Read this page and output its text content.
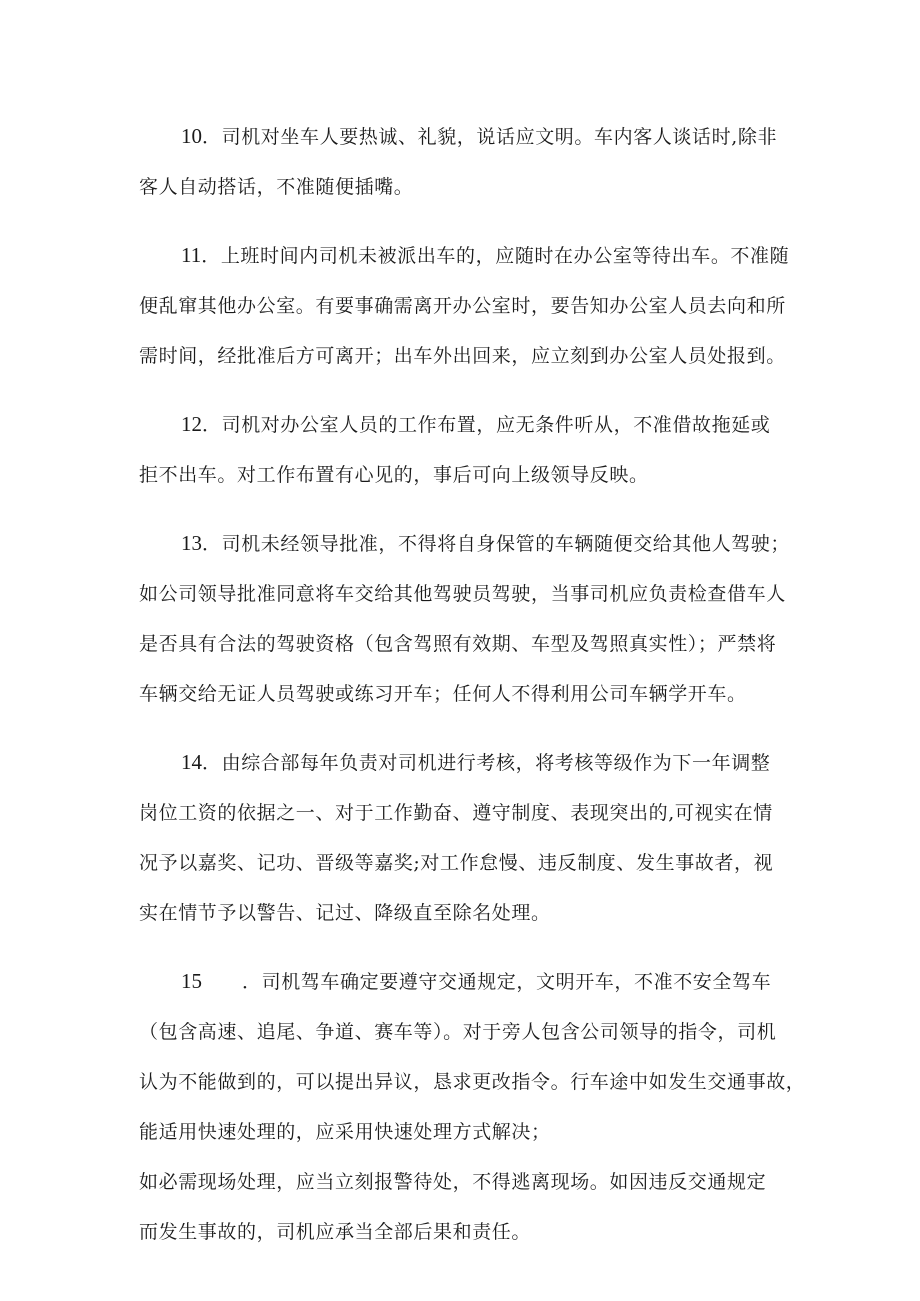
10．司机对坐车人要热诚、礼貌，说话应文明。车内客人谈话时,除非
客人自动搭话，不准随便插嘴。
11．上班时间内司机未被派出车的，应随时在办公室等待出车。不准随
便乱窜其他办公室。有要事确需离开办公室时，要告知办公室人员去向和所
需时间，经批准后方可离开；出车外出回来，应立刻到办公室人员处报到。
12．司机对办公室人员的工作布置，应无条件听从，不准借故拖延或
拒不出车。对工作布置有心见的，事后可向上级领导反映。
13．司机未经领导批准，不得将自身保管的车辆随便交给其他人驾驶；
如公司领导批准同意将车交给其他驾驶员驾驶，当事司机应负责检查借车人
是否具有合法的驾驶资格（包含驾照有效期、车型及驾照真实性）；严禁将
车辆交给无证人员驾驶或练习开车；任何人不得利用公司车辆学开车。
14．由综合部每年负责对司机进行考核，将考核等级作为下一年调整
岗位工资的依据之一、对于工作勤奋、遵守制度、表现突出的,可视实在情
况予以嘉奖、记功、晋级等嘉奖;对工作怠慢、违反制度、发生事故者，视
实在情节予以警告、记过、降级直至除名处理。
15 ．司机驾车确定要遵守交通规定，文明开车，不准不安全驾车
（包含高速、追尾、争道、赛车等）。对于旁人包含公司领导的指令，司机
认为不能做到的，可以提出异议，恳求更改指令。行车途中如发生交通事故，
能适用快速处理的，应采用快速处理方式解决；
如必需现场处理，应当立刻报警待处，不得逃离现场。如因违反交通规定
而发生事故的，司机应承当全部后果和责任。
